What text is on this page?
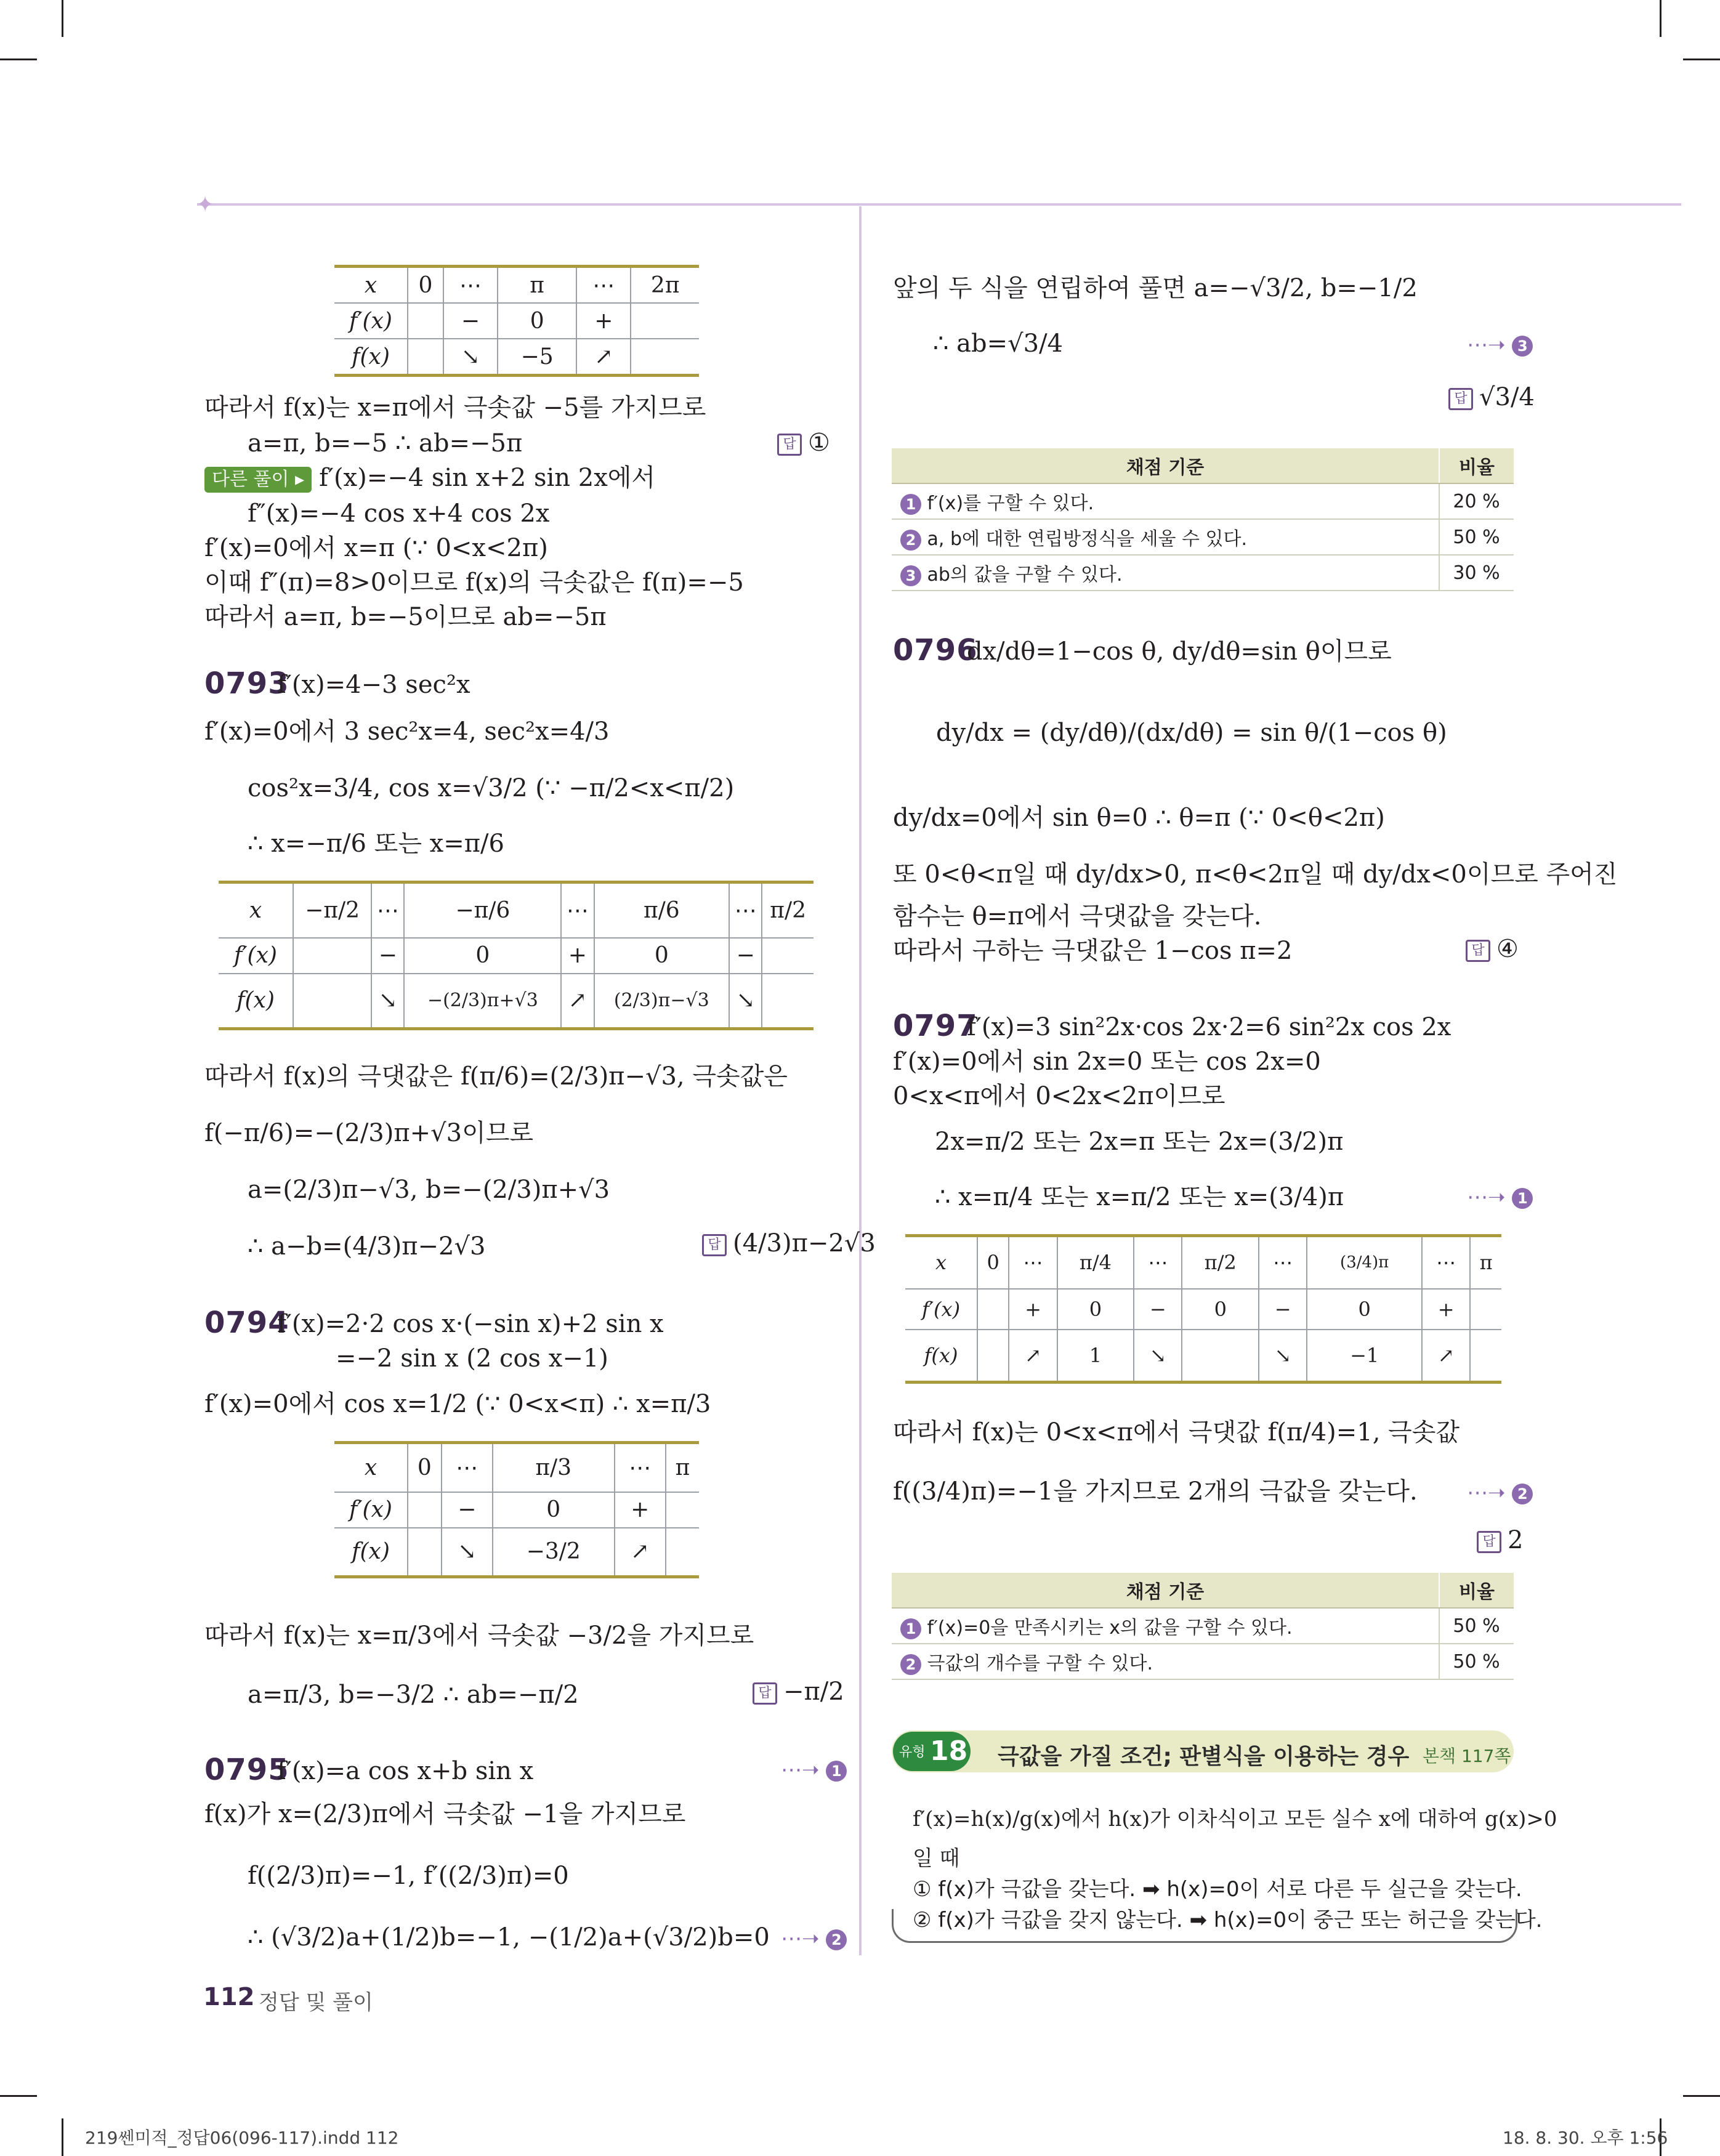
✦
x	0	⋯	π	⋯	2π
f′(x)		−	0	+	
f(x)		↘	−5	↗	
따라서 f(x)는 x=π에서 극솟값 −5를 가지므로
a=π, b=−5 ∴ ab=−5π	답 ①
다른 풀이 ▸ f′(x)=−4 sin x+2 sin 2x에서
f″(x)=−4 cos x+4 cos 2x
f′(x)=0에서 x=π (∵ 0<x<2π)
이때 f″(π)=8>0이므로 f(x)의 극솟값은 f(π)=−5
따라서 a=π, b=−5이므로 ab=−5π
0793
f′(x)=4−3 sec²x
f′(x)=0에서 3 sec²x=4, sec²x=4/3
cos²x=3/4, cos x=√3/2 (∵ −π/2<x<π/2)
∴ x=−π/6 또는 x=π/6
x	−π/2	⋯	−π/6	⋯	π/6	⋯	π/2
f′(x)		−	0	+	0	−	
f(x)		↘	−(2/3)π+√3	↗	(2/3)π−√3	↘	
따라서 f(x)의 극댓값은 f(π/6)=(2/3)π−√3, 극솟값은
f(−π/6)=−(2/3)π+√3이므로
a=(2/3)π−√3, b=−(2/3)π+√3
∴ a−b=(4/3)π−2√3	답 (4/3)π−2√3
0794
f′(x)=2·2 cos x·(−sin x)+2 sin x
=−2 sin x (2 cos x−1)
f′(x)=0에서 cos x=1/2 (∵ 0<x<π) ∴ x=π/3
x	0	⋯	π/3	⋯	π
f′(x)		−	0	+	
f(x)		↘	−3/2	↗	
따라서 f(x)는 x=π/3에서 극솟값 −3/2을 가지므로
a=π/3, b=−3/2 ∴ ab=−π/2	답 −π/2
0795
f′(x)=a cos x+b sin x	⋯➝ 1
f(x)가 x=(2/3)π에서 극솟값 −1을 가지므로
f((2/3)π)=−1, f′((2/3)π)=0
∴ (√3/2)a+(1/2)b=−1, −(1/2)a+(√3/2)b=0 ⋯➝ 2
112 정답 및 풀이
앞의 두 식을 연립하여 풀면 a=−√3/2, b=−1/2
∴ ab=√3/4	⋯➝ 3
답 √3/4
채점 기준	비율
1 f′(x)를 구할 수 있다.	20 %
2 a, b에 대한 연립방정식을 세울 수 있다.	50 %
3 ab의 값을 구할 수 있다.	30 %
0796
dx/dθ=1−cos θ, dy/dθ=sin θ이므로
dy/dx = (dy/dθ)/(dx/dθ) = sin θ/(1−cos θ)
dy/dx=0에서 sin θ=0 ∴ θ=π (∵ 0<θ<2π)
또 0<θ<π일 때 dy/dx>0, π<θ<2π일 때 dy/dx<0이므로 주어진
함수는 θ=π에서 극댓값을 갖는다.
따라서 구하는 극댓값은 1−cos π=2	답 ④
0797
f′(x)=3 sin²2x·cos 2x·2=6 sin²2x cos 2x
f′(x)=0에서 sin 2x=0 또는 cos 2x=0
0<x<π에서 0<2x<2π이므로
2x=π/2 또는 2x=π 또는 2x=(3/2)π
∴ x=π/4 또는 x=π/2 또는 x=(3/4)π	⋯➝ 1
x	0	⋯	π/4	⋯	π/2	⋯	(3/4)π	⋯	π
f′(x)		+	0	−	0	−	0	+	
f(x)		↗	1	↘		↘	−1	↗	
따라서 f(x)는 0<x<π에서 극댓값 f(π/4)=1, 극솟값
f((3/4)π)=−1을 가지므로 2개의 극값을 갖는다. ⋯➝ 2
답 2
채점 기준	비율
1 f′(x)=0을 만족시키는 x의 값을 구할 수 있다.	50 %
2 극값의 개수를 구할 수 있다.	50 %
유형 18 극값을 가질 조건; 판별식을 이용하는 경우 본책 117쪽
f′(x)=h(x)/g(x)에서 h(x)가 이차식이고 모든 실수 x에 대하여 g(x)>0
일 때
① f(x)가 극값을 갖는다. ➡ h(x)=0이 서로 다른 두 실근을 갖는다.
② f(x)가 극값을 갖지 않는다. ➡ h(x)=0이 중근 또는 허근을 갖는다.
219쎈미적_정답06(096-117).indd 112	18. 8. 30. 오후 1:56
